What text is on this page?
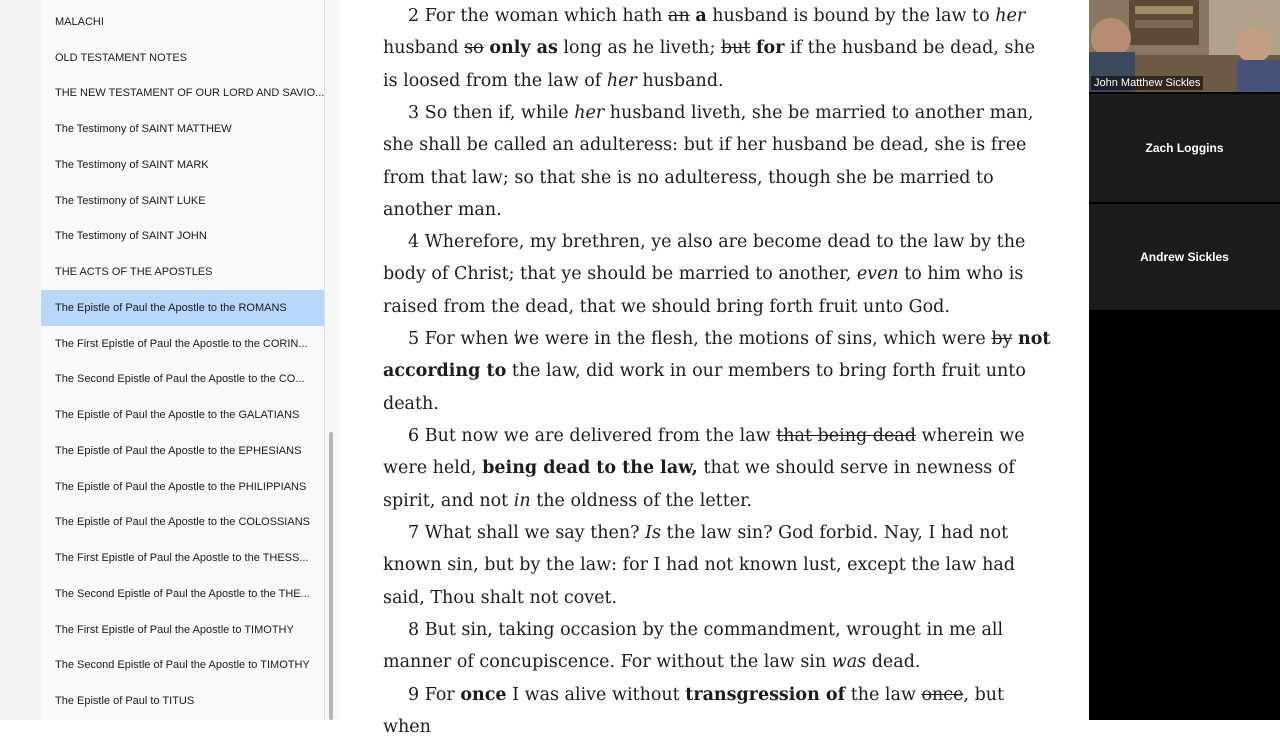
MALACHI
OLD TESTAMENT NOTES
THE NEW TESTAMENT OF OUR LORD AND SAVIO...
The Testimony of SAINT MATTHEW
The Testimony of SAINT MARK
The Testimony of SAINT LUKE
The Testimony of SAINT JOHN
THE ACTS OF THE APOSTLES
The Epistle of Paul the Apostle to the ROMANS
The First Epistle of Paul the Apostle to the CORIN...
The Second Epistle of Paul the Apostle to the CO...
The Epistle of Paul the Apostle to the GALATIANS
The Epistle of Paul the Apostle to the EPHESIANS
The Epistle of Paul the Apostle to the PHILIPPIANS
The Epistle of Paul the Apostle to the COLOSSIANS
The First Epistle of Paul the Apostle to the THESS...
The Second Epistle of Paul the Apostle to the THE...
The First Epistle of Paul the Apostle to TIMOTHY
The Second Epistle of Paul the Apostle to TIMOTHY
The Epistle of Paul to TITUS

2 For the woman which hath an a husband is bound by the law to her husband so only as long as he liveth; but for if the husband be dead, she is loosed from the law of her husband.

3 So then if, while her husband liveth, she be married to another man, she shall be called an adulteress: but if her husband be dead, she is free from that law; so that she is no adulteress, though she be married to another man.

4 Wherefore, my brethren, ye also are become dead to the law by the body of Christ; that ye should be married to another, even to him who is raised from the dead, that we should bring forth fruit unto God.

5 For when we were in the flesh, the motions of sins, which were by not according to the law, did work in our members to bring forth fruit unto death.

6 But now we are delivered from the law that being dead wherein we were held, being dead to the law, that we should serve in newness of spirit, and not in the oldness of the letter.

7 What shall we say then? Is the law sin? God forbid. Nay, I had not known sin, but by the law: for I had not known lust, except the law had said, Thou shalt not covet.

8 But sin, taking occasion by the commandment, wrought in me all manner of concupiscence. For without the law sin was dead.

9 For once I was alive without transgression of the law once, but when

John Matthew Sickles
Zach Loggins
Andrew Sickles
